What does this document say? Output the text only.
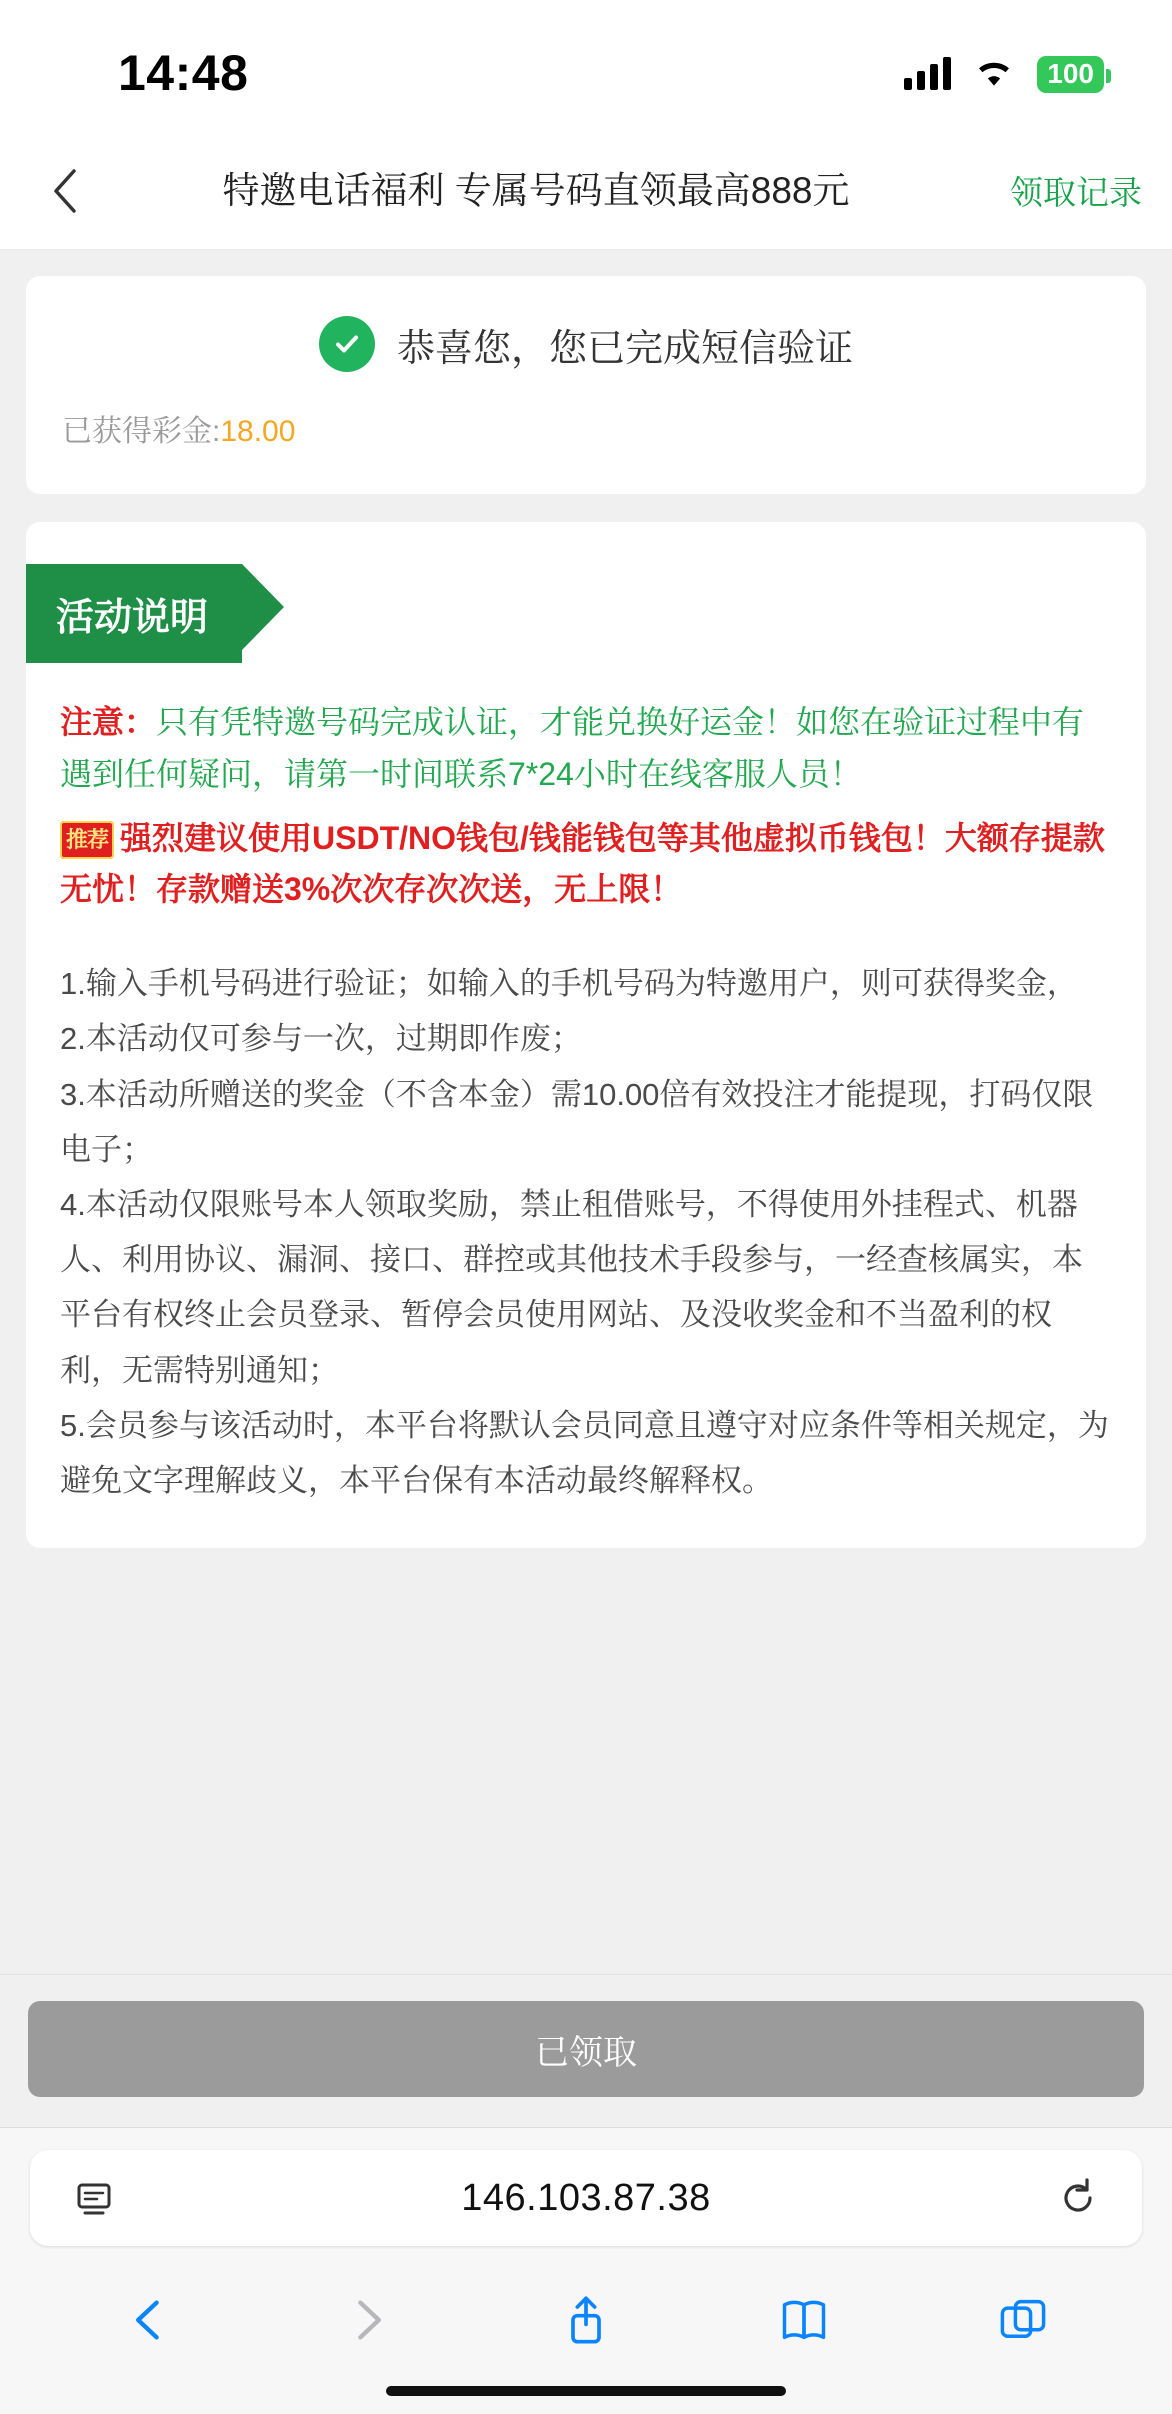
14:48	100
特邀电话福利 专属号码直领最高888元	领取记录
恭喜您，您已完成短信验证
已获得彩金:18.00
活动说明
注意：只有凭特邀号码完成认证，才能兑换好运金！如您在验证过程中有遇到任何疑问，请第一时间联系7*24小时在线客服人员！
推荐 强烈建议使用USDT/NO钱包/钱能钱包等其他虚拟币钱包！大额存提款无忧！存款赠送3%次次存次次送，无上限！

1.输入手机号码进行验证；如输入的手机号码为特邀用户，则可获得奖金，

2.本活动仅可参与一次，过期即作废；

3.本活动所赠送的奖金（不含本金）需10.00倍有效投注才能提现，打码仅限电子；

4.本活动仅限账号本人领取奖励，禁止租借账号，不得使用外挂程式、机器人、利用协议、漏洞、接口、群控或其他技术手段参与，一经查核属实，本平台有权终止会员登录、暂停会员使用网站、及没收奖金和不当盈利的权利，无需特别通知；

5.会员参与该活动时，本平台将默认会员同意且遵守对应条件等相关规定，为避免文字理解歧义，本平台保有本活动最终解释权。

已领取
146.103.87.38
